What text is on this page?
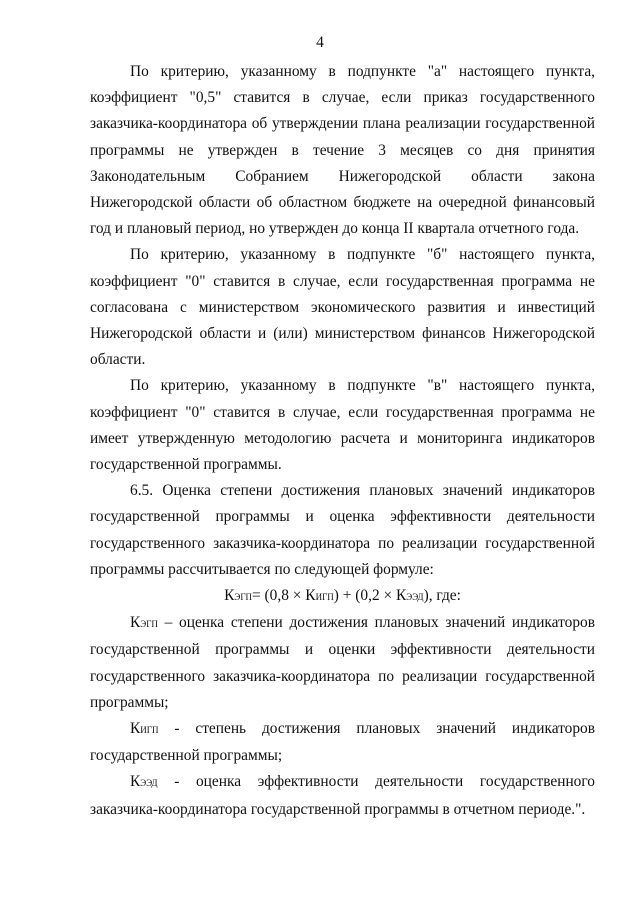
4

По критерию, указанному в подпункте "а" настоящего пункта, коэффициент "0,5" ставится в случае, если приказ государственного заказчика-координатора об утверждении плана реализации государственной программы не утвержден в течение 3 месяцев со дня принятия Законодательным Собранием Нижегородской области закона Нижегородской области об областном бюджете на очередной финансовый год и плановый период, но утвержден до конца II квартала отчетного года.

По критерию, указанному в подпункте "б" настоящего пункта, коэффициент "0" ставится в случае, если государственная программа не согласована с министерством экономического развития и инвестиций Нижегородской области и (или) министерством финансов Нижегородской области.

По критерию, указанному в подпункте "в" настоящего пункта, коэффициент "0" ставится в случае, если государственная программа не имеет утвержденную методологию расчета и мониторинга индикаторов государственной программы.

6.5. Оценка степени достижения плановых значений индикаторов государственной программы и оценка эффективности деятельности государственного заказчика-координатора по реализации государственной программы рассчитывается по следующей формуле:

КЭГП= (0,8 × КИГП) + (0,2 × КЭЭД), где:

КЭГП – оценка степени достижения плановых значений индикаторов государственной программы и оценки эффективности деятельности государственного заказчика-координатора по реализации государственной программы;

КИГП - степень достижения плановых значений индикаторов государственной программы;

КЭЭД - оценка эффективности деятельности государственного заказчика-координатора государственной программы в отчетном периоде.".
